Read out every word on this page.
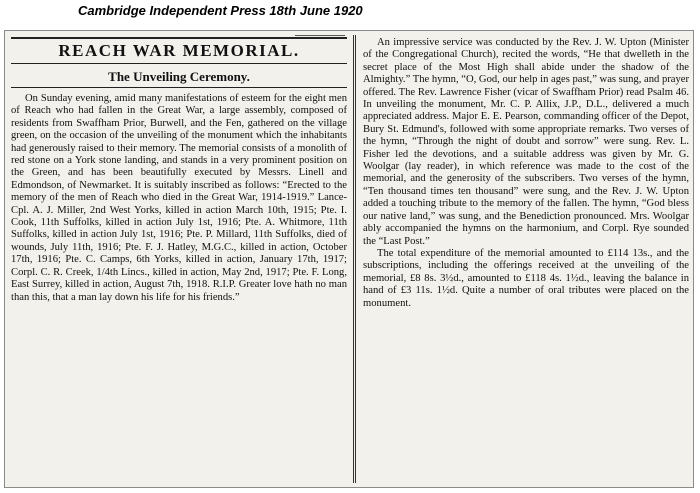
Cambridge Independent Press 18th June 1920
REACH WAR MEMORIAL.
The Unveiling Ceremony.

On Sunday evening, amid many manifestations of esteem for the eight men of Reach who had fallen in the Great War, a large assembly, composed of residents from Swaffham Prior, Burwell, and the Fen, gathered on the village green, on the occasion of the unveiling of the monument which the inhabitants had generously raised to their memory. The memorial consists of a monolith of red stone on a York stone landing, and stands in a very prominent position on the Green, and has been beautifully executed by Messrs. Linell and Edmondson, of Newmarket. It is suitably inscribed as follows: “Erected to the memory of the men of Reach who died in the Great War, 1914-1919.” Lance-Cpl. A. J. Miller, 2nd West Yorks, killed in action March 10th, 1915; Pte. I. Cook, 11th Suffolks, killed in action July 1st, 1916; Pte. A. Whitmore, 11th Suffolks, killed in action July 1st, 1916; Pte. P. Millard, 11th Suffolks, died of wounds, July 11th, 1916; Pte. F. J. Hatley, M.G.C., killed in action, October 17th, 1916; Pte. C. Camps, 6th Yorks, killed in action, January 17th, 1917; Corpl. C. R. Creek, 1/4th Lincs., killed in action, May 2nd, 1917; Pte. F. Long, East Surrey, killed in action, August 7th, 1918. R.I.P. Greater love hath no man than this, that a man lay down his life for his friends.”

An impressive service was conducted by the Rev. J. W. Upton (Minister of the Congregational Church), recited the words, “He that dwelleth in the secret place of the Most High shall abide under the shadow of the Almighty.” The hymn, “O, God, our help in ages past,” was sung, and prayer offered. The Rev. Lawrence Fisher (vicar of Swaffham Prior) read Psalm 46. In unveiling the monument, Mr. C. P. Allix, J.P., D.L., delivered a much appreciated address. Major E. E. Pearson, commanding officer of the Depot, Bury St. Edmund's, followed with some appropriate remarks. Two verses of the hymn, “Through the night of doubt and sorrow” were sung. Rev. L. Fisher led the devotions, and a suitable address was given by Mr. G. Woolgar (lay reader), in which reference was made to the cost of the memorial, and the generosity of the subscribers. Two verses of the hymn, “Ten thousand times ten thousand” were sung, and the Rev. J. W. Upton added a touching tribute to the memory of the fallen. The hymn, “God bless our native land,” was sung, and the Benediction pronounced. Mrs. Woolgar ably accompanied the hymns on the harmonium, and Corpl. Rye sounded the “Last Post.”

The total expenditure of the memorial amounted to £114 13s., and the subscriptions, including the offerings received at the unveiling of the memorial, £8 8s. 3½d., amounted to £118 4s. 1½d., leaving the balance in hand of £3 11s. 1½d. Quite a number of oral tributes were placed on the monument.
